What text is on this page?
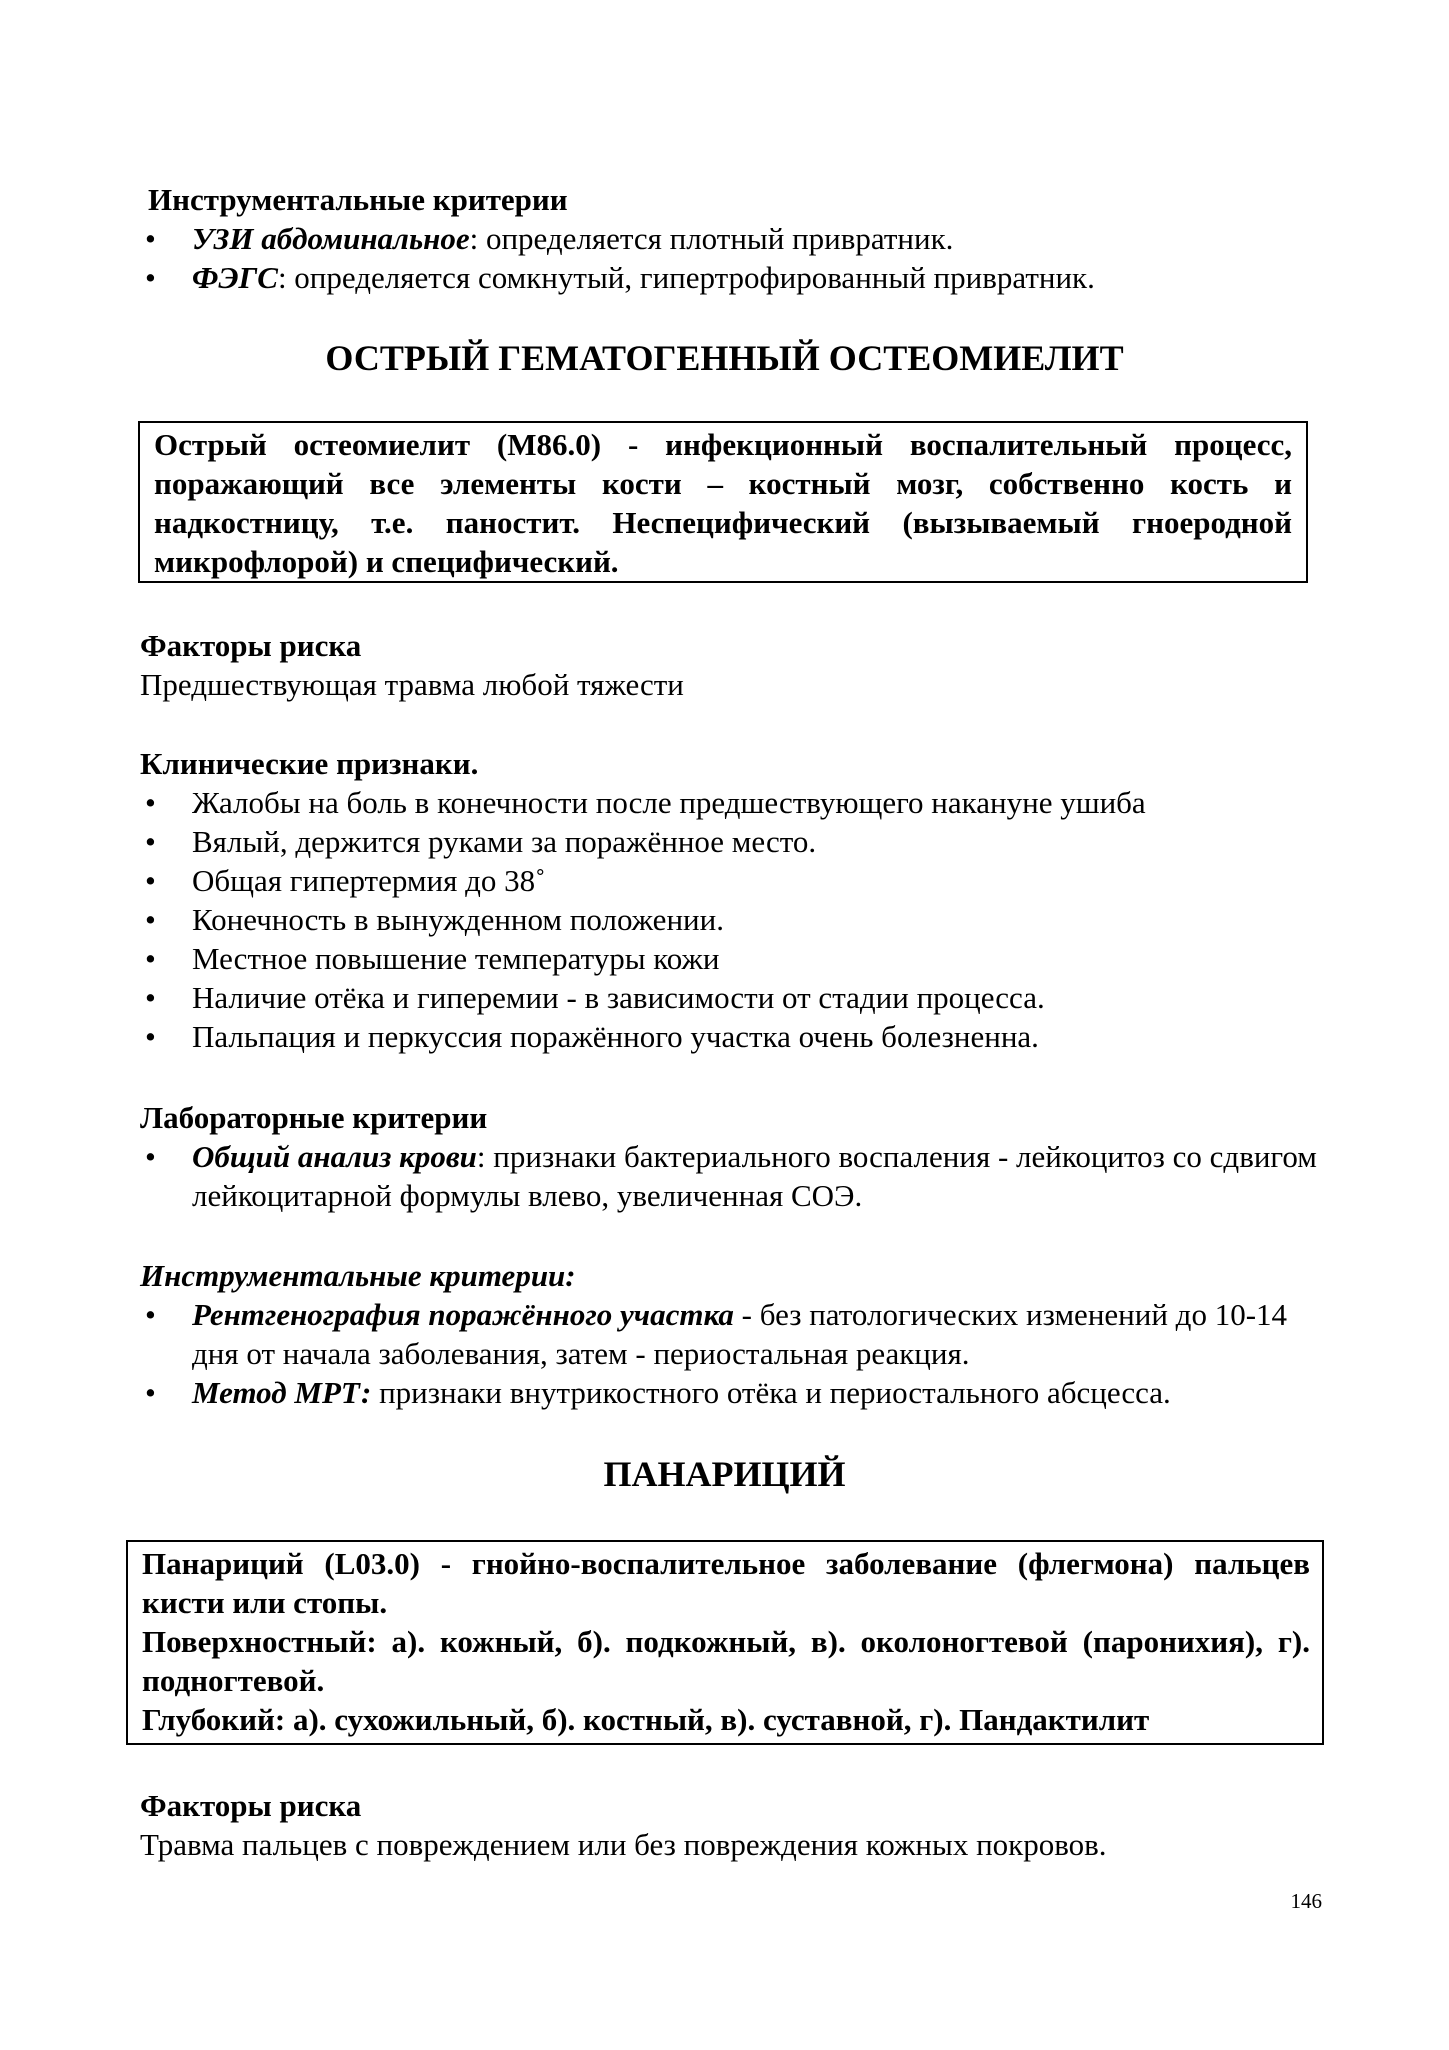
Инструментальные критерии

• УЗИ абдоминальное: определяется плотный привратник.
• ФЭГС: определяется сомкнутый, гипертрофированный привратник.
ОСТРЫЙ ГЕМАТОГЕННЫЙ ОСТЕОМИЕЛИТ

Острый остеомиелит (М86.0) - инфекционный воспалительный процесс, поражающий все элементы кости – костный мозг, собственно кость и надкостницу, т.е. паностит. Неспецифический (вызываемый гноеродной микрофлорой) и специфический.

Факторы риска

Предшествующая травма любой тяжести

Клинические признаки.

• Жалобы на боль в конечности после предшествующего накануне ушиба
• Вялый, держится руками за поражённое место.
• Общая гипертермия до 38˚
• Конечность в вынужденном положении.
• Местное повышение температуры кожи
• Наличие отёка и гиперемии - в зависимости от стадии процесса.
• Пальпация и перкуссия поражённого участка очень болезненна.

Лабораторные критерии

• Общий анализ крови: признаки бактериального воспаления - лейкоцитоз со сдвигом лейкоцитарной формулы влево, увеличенная СОЭ.

Инструментальные критерии:

• Рентгенография поражённого участка - без патологических изменений до 10-14 дня от начала заболевания, затем - периостальная реакция.
• Метод МРТ: признаки внутрикостного отёка и периостального абсцесса.
ПАНАРИЦИЙ

Панариций (L03.0) - гнойно-воспалительное заболевание (флегмона) пальцев кисти или стопы.

Поверхностный: а). кожный, б). подкожный, в). околоногтевой (паронихия), г). подногтевой.

Глубокий: а). сухожильный, б). костный, в). суставной, г). Пандактилит

Факторы риска

Травма пальцев с повреждением или без повреждения кожных покровов.

146
